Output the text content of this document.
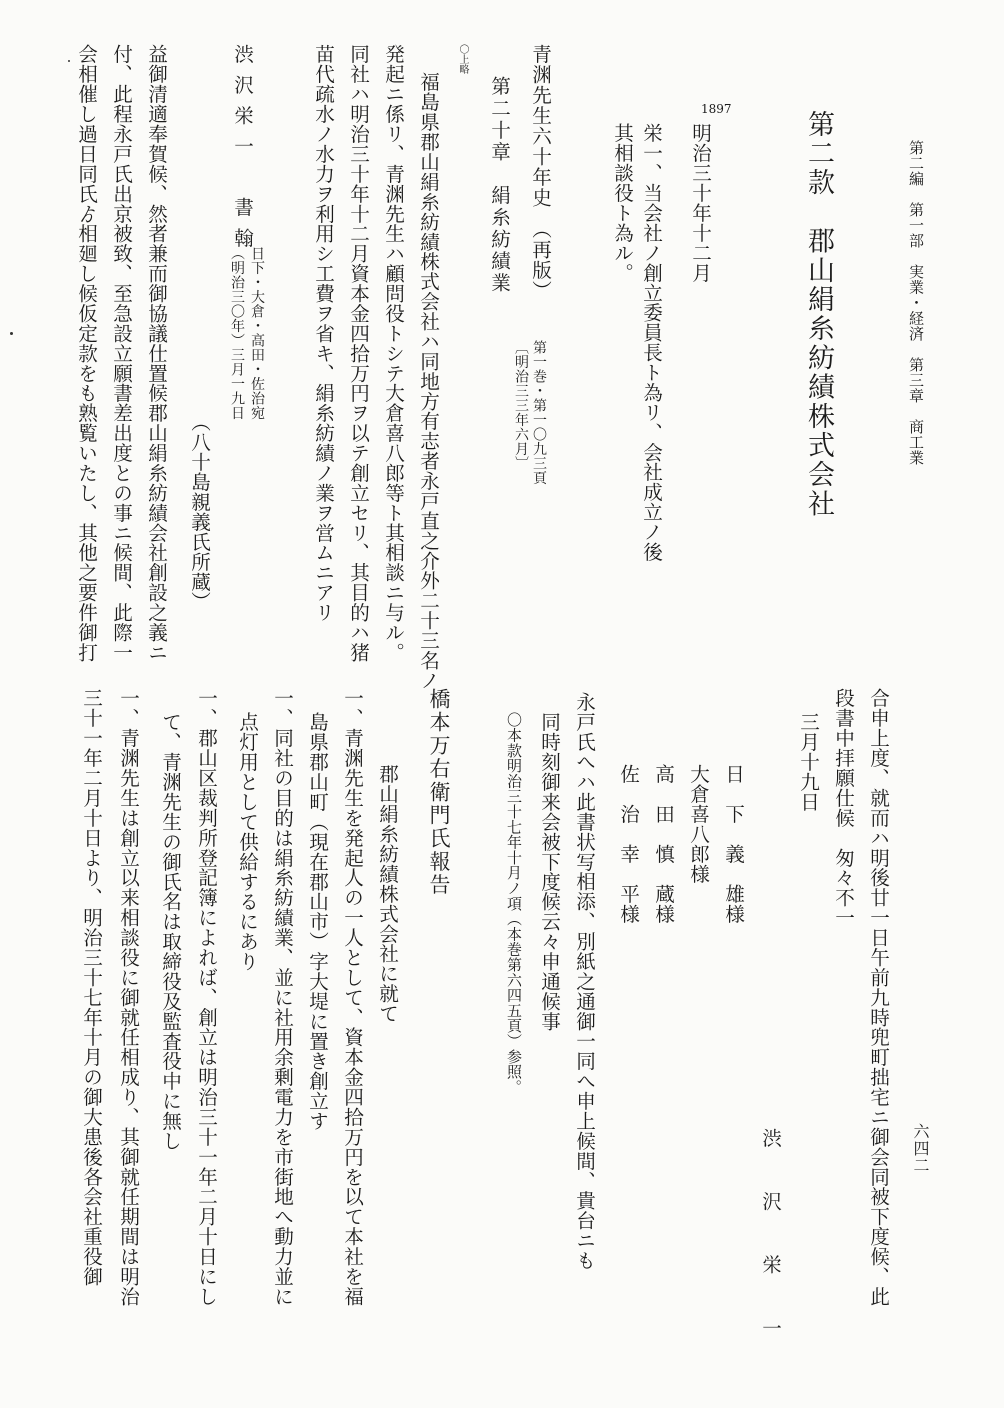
第二編　第一部　実業・経済　第三章　商工業
第二款　郡山絹糸紡績株式会社
1897
明治三十年十二月
栄一、当会社ノ創立委員長ト為リ、会社成立ノ後
其相談役ト為ル。
青渊先生六十年史　（再版）
第一巻・第一〇九三頁
〔明治三三年六月〕
第二十章　絹糸紡績業
〇上略
福島県郡山絹糸紡績株式会社ハ同地方有志者永戸直之介外二十三名ノ
発起ニ係リ、青渊先生ハ顧問役トシテ大倉喜八郎等ト其相談ニ与ル。
同社ハ明治三十年十二月資本金四拾万円ヲ以テ創立セリ、其目的ハ猪
苗代疏水ノ水力ヲ利用シ工費ヲ省キ、絹糸紡績ノ業ヲ営ムニアリ
渋沢栄一　書翰
日下・大倉・高田・佐治宛
（明治三〇年）三月一九日
（八十島親義氏所蔵）
益御清適奉賀候、然者兼而御協議仕置候郡山絹糸紡績会社創設之義ニ
付、此程永戸氏出京被致、至急設立願書差出度との事ニ候間、此際一
会相催し過日同氏ゟ相廻し候仮定款をも熟覧いたし、其他之要件御打
六四二
合申上度、就而ハ明後廿一日午前九時兜町拙宅ニ御会同被下度候、此
段書中拝願仕候　匆々不一
三月十九日
渋　沢　栄　一
日　下　義　雄様
大倉喜八郎様
高　田　慎　蔵様
佐　治　幸　平様
永戸氏へハ此書状写相添、別紙之通御一同へ申上候間、貴台ニも
同時刻御来会被下度候云々申通候事
〇本款明治三十七年十月ノ項（本巻第六四五頁）参照。
橋本万右衛門氏報告
郡山絹糸紡績株式会社に就て
一、青渊先生を発起人の一人として、資本金四拾万円を以て本社を福
島県郡山町（現在郡山市）字大堤に置き創立す
一、同社の目的は絹糸紡績業、並に社用余剰電力を市街地へ動力並に
点灯用として供給するにあり
一、郡山区裁判所登記簿によれば、創立は明治三十一年二月十日にし
て、青渊先生の御氏名は取締役及監査役中に無し
一、青渊先生は創立以来相談役に御就任相成り、其御就任期間は明治
三十一年二月十日より、明治三十七年十月の御大患後各会社重役御
